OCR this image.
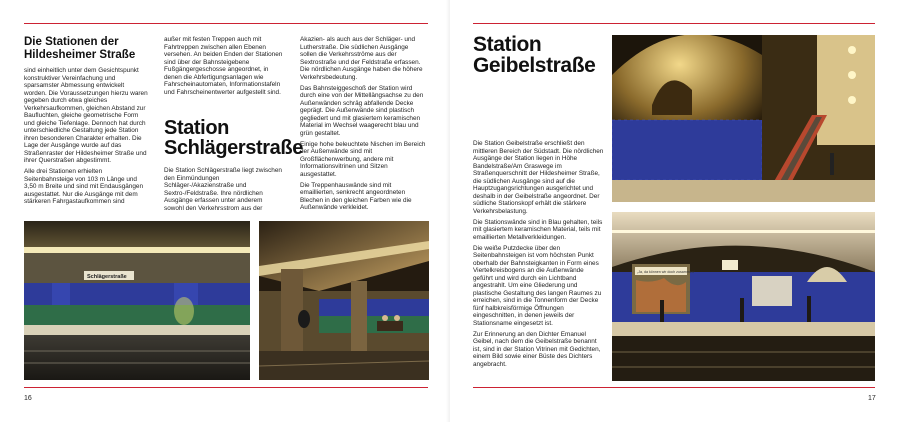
Die Stationen der Hildesheimer Straße

sind einheitlich unter dem Gesichtspunkt konstruktiver Vereinfachung und sparsamster Abmessung entwickelt worden. Die Voraussetzungen hierzu waren gegeben durch etwa gleiches Verkehrsaufkommen, gleichen Abstand zur Baufluchten, gleiche geometrische Form und gleiche Tiefenlage. Dennoch hat durch unterschiedliche Gestaltung jede Station ihren besonderen Charakter erhalten. Die Lage der Ausgänge wurde auf das Straßenraster der Hildesheimer Straße und ihrer Querstraßen abgestimmt.

Alle drei Stationen erhielten Seitenbahnsteige von 103 m Länge und 3,50 m Breite und sind mit Endausgängen ausgestattet. Nur die Ausgänge mit dem stärkeren Fahrgastaufkommen sind

außer mit festen Treppen auch mit Fahrtreppen zwischen allen Ebenen versehen. An beiden Enden der Stationen sind über der Bahnsteigebene Fußgängergeschosse angeordnet, in denen die Abfertigungsanlagen wie Fahrscheinautomaten, Informationstafeln und Fahrscheinentwerter aufgestellt sind.

Station Schlägerstraße

Die Station Schlägerstraße liegt zwischen den Einmündungen Schläger-/Akazienstraße und Sextro-/Feldstraße. Ihre nördlichen Ausgänge erfassen unter anderem sowohl den Verkehrsstrom aus der

Akazien- als auch aus der Schläger- und Lutherstraße. Die südlichen Ausgänge sollen die Verkehrsströme aus der Sextrostraße und der Feldstraße erfassen. Die nördlichen Ausgänge haben die höhere Verkehrsbedeutung.

Das Bahnsteiggeschoß der Station wird durch eine von der Mittellängsachse zu den Außenwänden schräg abfallende Decke geprägt. Die Außenwände sind plastisch gegliedert und mit glasiertem keramischen Material im Wechsel waagerecht blau und grün gestaltet.

Einige hohe beleuchtete Nischen im Bereich der Außenwände sind mit Großflächenwerbung, andere mit Informationsvitrinen und Sitzen ausgestattet.

Die Treppenhauswände sind mit emaillierten, senkrecht angeordneten Blechen in den gleichen Farben wie die Außenwände verkleidet.

Schlägerstraße
16
Station Geibelstraße

Die Station Geibelstraße erschließt den mittleren Bereich der Südstadt. Die nördlichen Ausgänge der Station liegen in Höhe Bandelstraße/Am Graswege im Straßenquerschnitt der Hildesheimer Straße, die südlichen Ausgänge sind auf die Hauptzugangsrichtungen ausgerichtet und deshalb in der Geibelstraße angeordnet. Der südliche Stationskopf erhält die stärkere Verkehrsbelastung.

Die Stationswände sind in Blau gehalten, teils mit glasiertem keramischen Material, teils mit emaillierten Metallverkleidungen.

Die weiße Putzdecke über den Seitenbahnsteigen ist vom höchsten Punkt oberhalb der Bahnsteigkanten in Form eines Viertelkreisbogens an die Außenwände geführt und wird durch ein Lichtband angestrahlt. Um eine Gliederung und plastische Gestaltung des langen Raumes zu erreichen, sind in die Tonnenform der Decke fünf halbkreisförmige Öffnungen eingeschnitten, in denen jeweils der Stationsname eingesetzt ist.

Zur Erinnerung an den Dichter Emanuel Geibel, nach dem die Geibelstraße benannt ist, sind in der Station Vitrinen mit Gedichten, einem Bild sowie einer Büste des Dichters angebracht.

„Ja, da können wir doch zusammen“
17
